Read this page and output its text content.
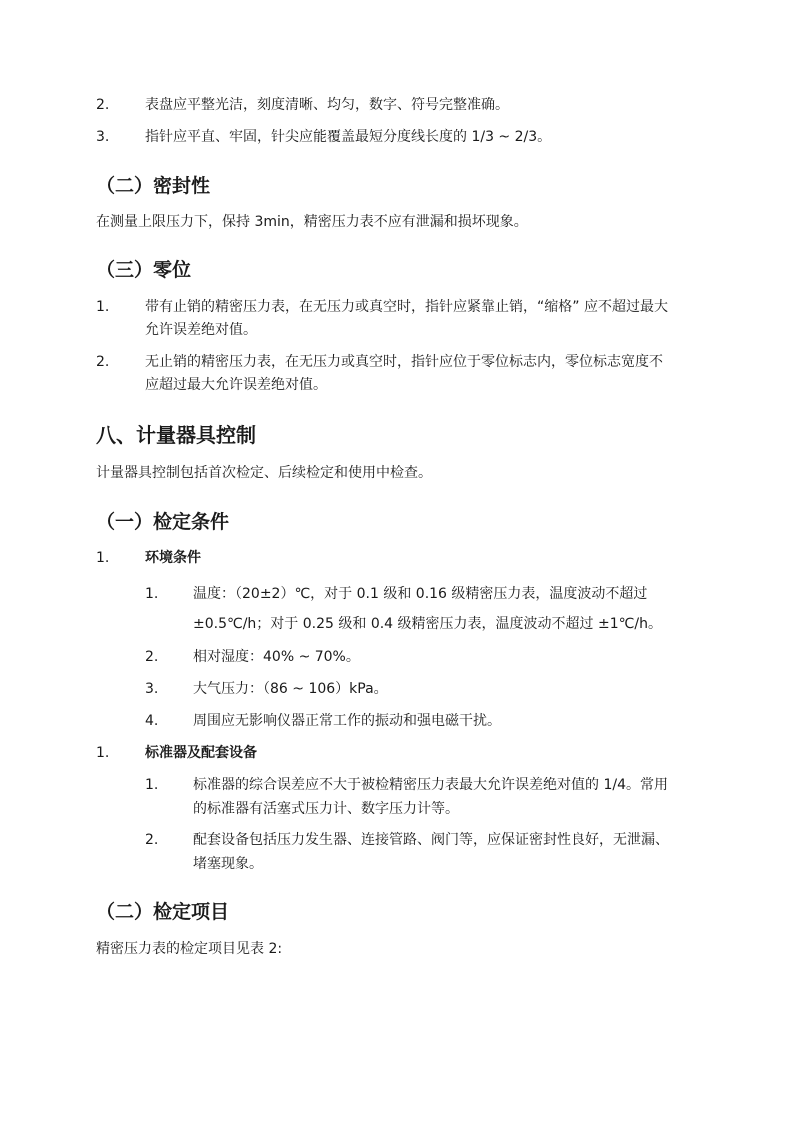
2.	表盘应平整光洁，刻度清晰、均匀，数字、符号完整准确。
3.	指针应平直、牢固，针尖应能覆盖最短分度线长度的 1/3 ~ 2/3。
（二）密封性
在测量上限压力下，保持 3min，精密压力表不应有泄漏和损坏现象。
（三）零位
1.	带有止销的精密压力表，在无压力或真空时，指针应紧靠止销，“缩格” 应不超过最大
允许误差绝对值。
2.	无止销的精密压力表，在无压力或真空时，指针应位于零位标志内，零位标志宽度不
应超过最大允许误差绝对值。
八、计量器具控制
计量器具控制包括首次检定、后续检定和使用中检查。
（一）检定条件
1.	环境条件
1. 温度：（20±2）℃，对于 0.1 级和 0.16 级精密压力表，温度波动不超过
±0.5℃/h；对于 0.25 级和 0.4 级精密压力表，温度波动不超过 ±1℃/h。
2. 相对湿度：40% ~ 70%。
3. 大气压力：（86 ~ 106）kPa。
4. 周围应无影响仪器正常工作的振动和强电磁干扰。
1.	标准器及配套设备
1. 标准器的综合误差应不大于被检精密压力表最大允许误差绝对值的 1/4。常用
的标准器有活塞式压力计、数字压力计等。
2. 配套设备包括压力发生器、连接管路、阀门等，应保证密封性良好，无泄漏、
堵塞现象。
（二）检定项目
精密压力表的检定项目见表 2:
